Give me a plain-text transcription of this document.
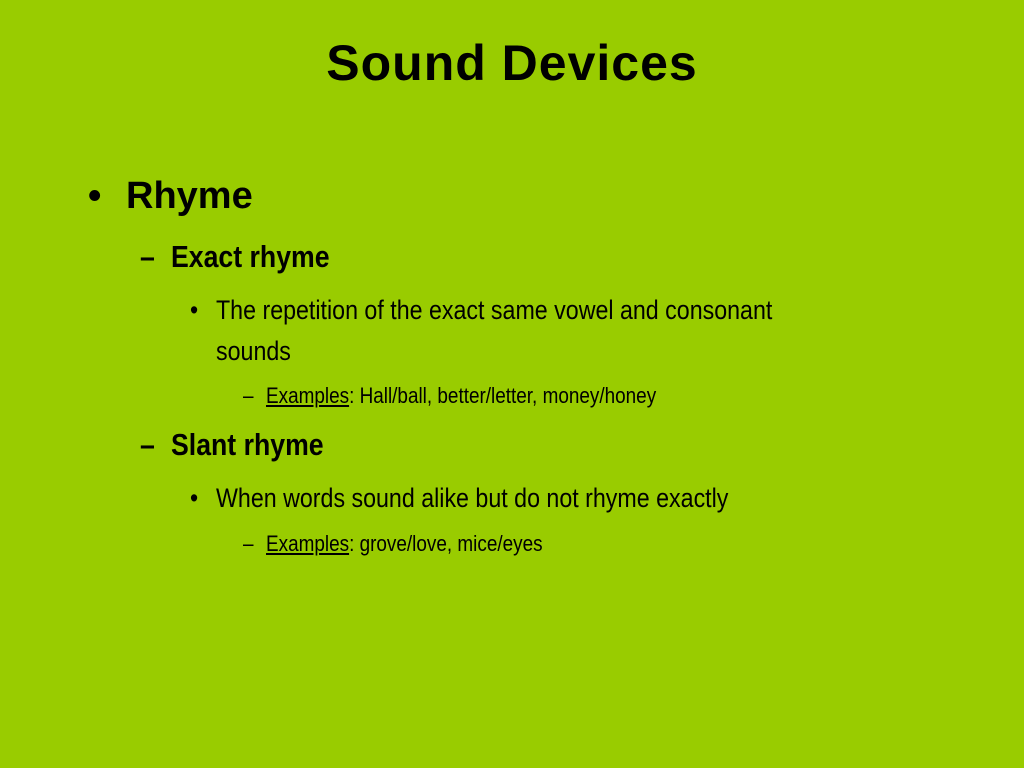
Sound Devices
• Rhyme
– Exact rhyme
• The repetition of the exact same vowel and consonant
sounds
– Examples: Hall/ball, better/letter, money/honey
– Slant rhyme
• When words sound alike but do not rhyme exactly
– Examples: grove/love, mice/eyes
